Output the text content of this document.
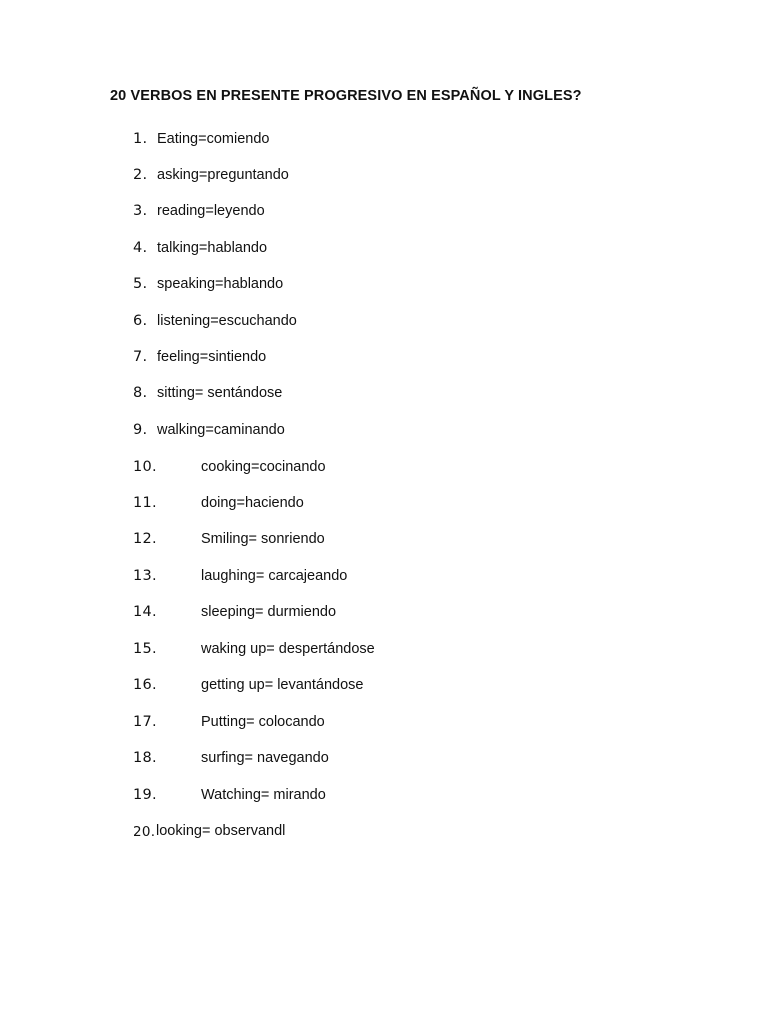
20 VERBOS EN PRESENTE PROGRESIVO EN ESPAÑOL Y INGLES?
1. Eating=comiendo
2. asking=preguntando
3. reading=leyendo
4. talking=hablando
5. speaking=hablando
6. listening=escuchando
7. feeling=sintiendo
8. sitting= sentándose
9. walking=caminando
10.	cooking=cocinando
11.	doing=haciendo
12.	Smiling= sonriendo
13.	laughing= carcajeando
14.	sleeping= durmiendo
15.	waking up= despertándose
16.	getting up= levantándose
17.	Putting= colocando
18.	surfing= navegando
19.	Watching= mirando
20. looking= observandl
